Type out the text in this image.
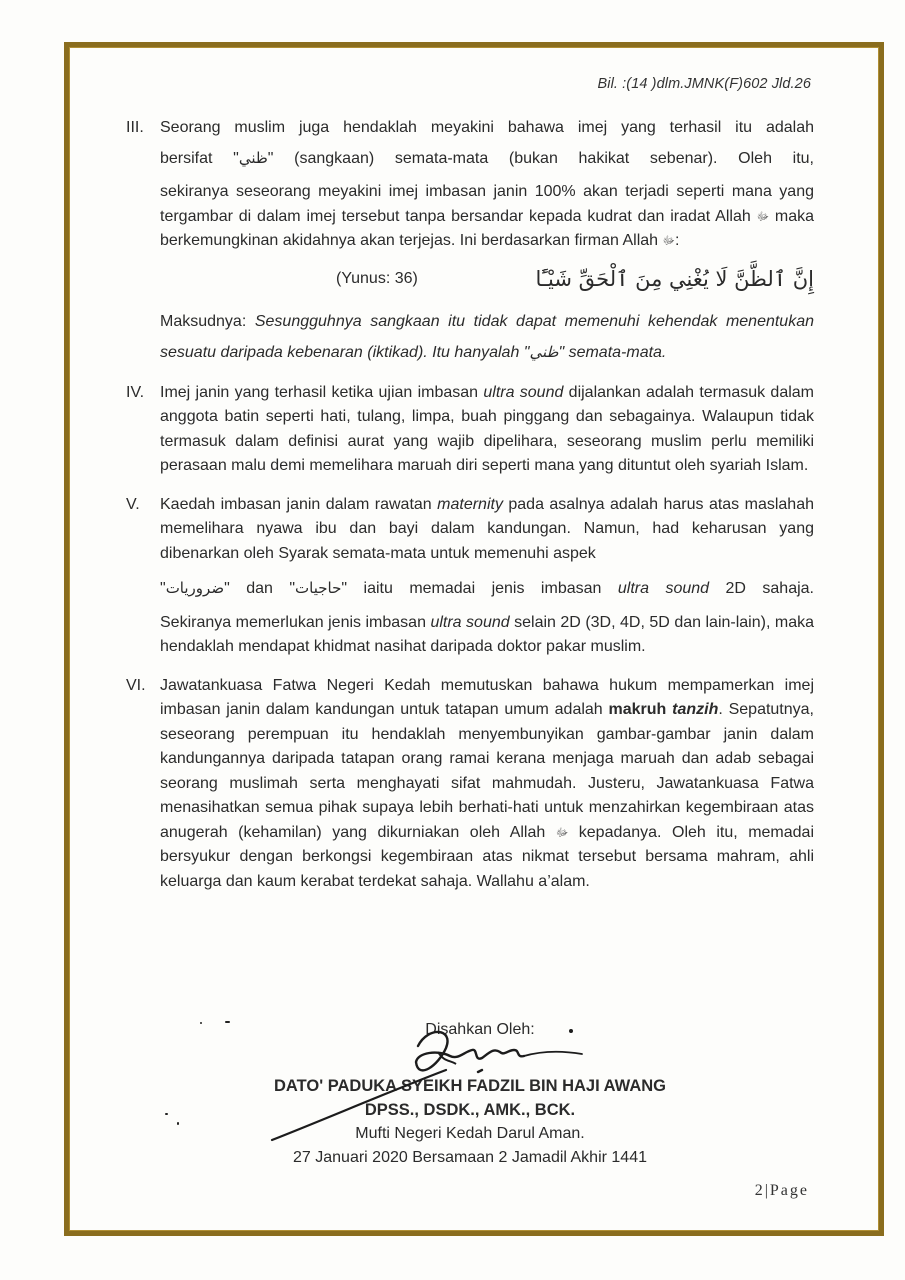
Bil. :(14 )dlm.JMNK(F)602 Jld.26
III.	Seorang muslim juga hendaklah meyakini bahawa imej yang terhasil itu adalah

bersifat "ظني" (sangkaan) semata-mata (bukan hakikat sebenar). Oleh itu,

sekiranya seseorang meyakini imej imbasan janin 100% akan terjadi seperti mana yang tergambar di dalam imej tersebut tanpa bersandar kepada kudrat dan iradat Allah ﷻ maka berkemungkinan akidahnya akan terjejas. Ini berdasarkan firman Allah ﷻ:

(Yunus: 36)	إِنَّ ٱلظَّنَّ لَا يُغْنِي مِنَ ٱلْحَقِّ شَيْـًٔا

Maksudnya: Sesungguhnya sangkaan itu tidak dapat memenuhi kehendak menentukan sesuatu daripada kebenaran (iktikad). Itu hanyalah "ظني" semata-mata.

IV. Imej janin yang terhasil ketika ujian imbasan ultra sound dijalankan adalah termasuk dalam anggota batin seperti hati, tulang, limpa, buah pinggang dan sebagainya. Walaupun tidak termasuk dalam definisi aurat yang wajib dipelihara, seseorang muslim perlu memiliki perasaan malu demi memelihara maruah diri seperti mana yang dituntut oleh syariah Islam.

V.	Kaedah imbasan janin dalam rawatan maternity pada asalnya adalah harus atas maslahah memelihara nyawa ibu dan bayi dalam kandungan. Namun, had keharusan yang dibenarkan oleh Syarak semata-mata untuk memenuhi aspek

"ضروريات" dan "حاجيات" iaitu memadai jenis imbasan ultra sound 2D sahaja.

Sekiranya memerlukan jenis imbasan ultra sound selain 2D (3D, 4D, 5D dan lain-lain), maka hendaklah mendapat khidmat nasihat daripada doktor pakar muslim.

VI. Jawatankuasa Fatwa Negeri Kedah memutuskan bahawa hukum mempamerkan imej imbasan janin dalam kandungan untuk tatapan umum adalah makruh tanzih. Sepatutnya, seseorang perempuan itu hendaklah menyembunyikan gambar-gambar janin dalam kandungannya daripada tatapan orang ramai kerana menjaga maruah dan adab sebagai seorang muslimah serta menghayati sifat mahmudah. Justeru, Jawatankuasa Fatwa menasihatkan semua pihak supaya lebih berhati-hati untuk menzahirkan kegembiraan atas anugerah (kehamilan) yang dikurniakan oleh Allah ﷻ kepadanya. Oleh itu, memadai bersyukur dengan berkongsi kegembiraan atas nikmat tersebut bersama mahram, ahli keluarga dan kaum kerabat terdekat sahaja. Wallahu a’alam.

Disahkan Oleh:
DATO' PADUKA SYEIKH FADZIL BIN HAJI AWANG
DPSS., DSDK., AMK., BCK.
Mufti Negeri Kedah Darul Aman.
27 Januari 2020 Bersamaan 2 Jamadil Akhir 1441
2|Page
